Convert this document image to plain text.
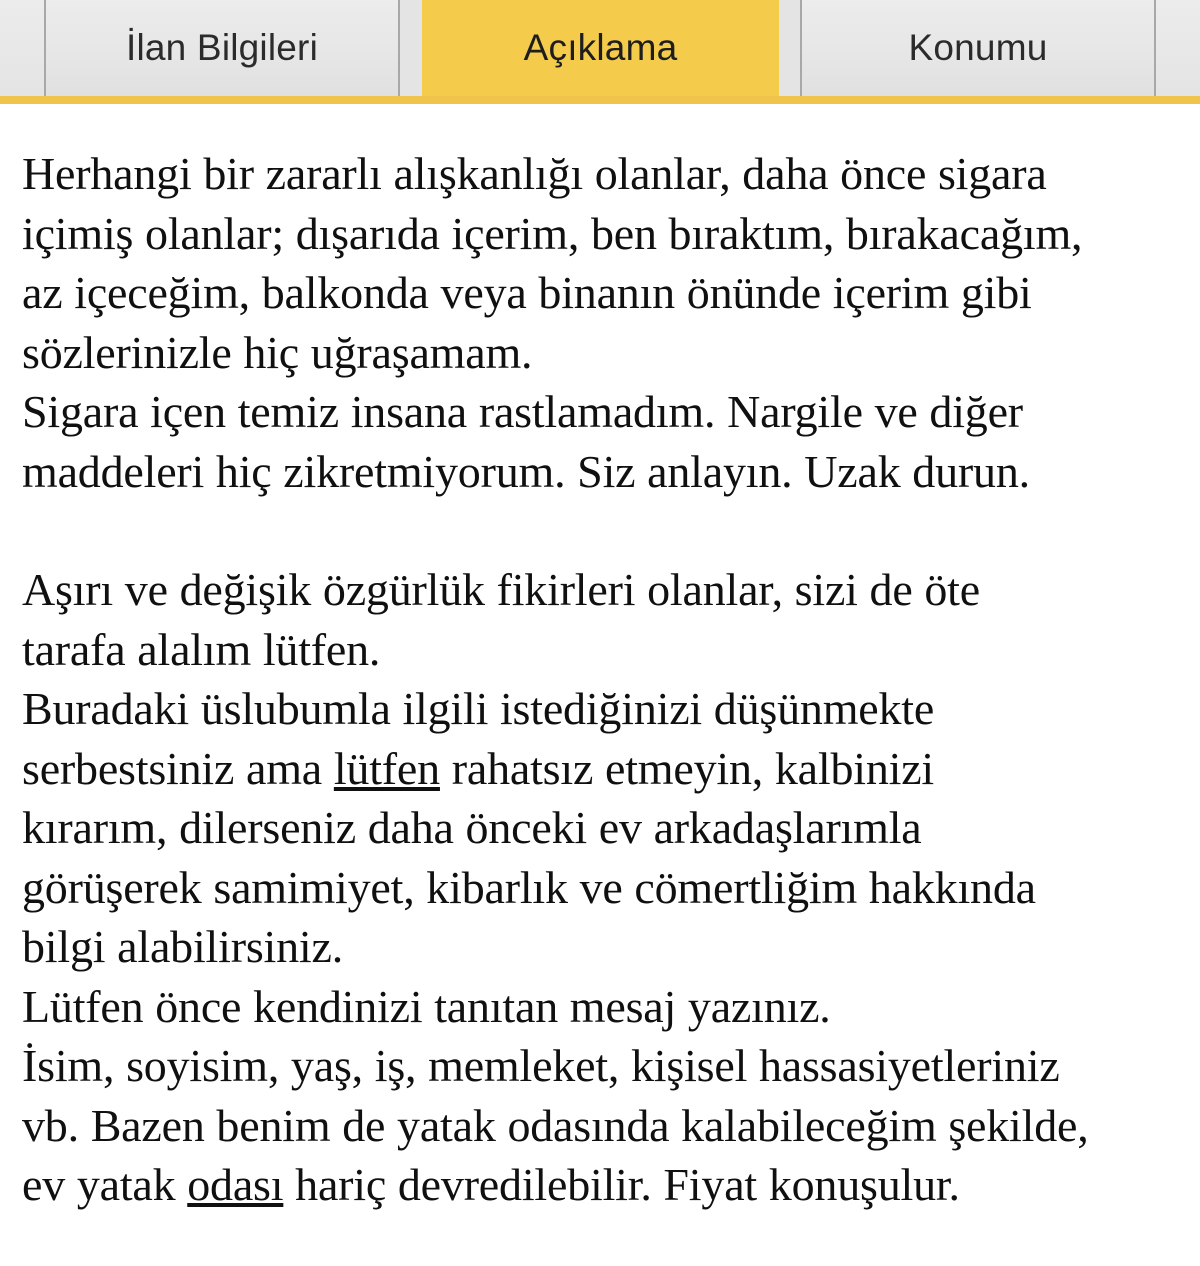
İlan Bilgileri	Açıklama	Konumu

Herhangi bir zararlı alışkanlığı olanlar, daha önce sigara
içimiş olanlar; dışarıda içerim, ben bıraktım, bırakacağım,
az içeceğim, balkonda veya binanın önünde içerim gibi
sözlerinizle hiç uğraşamam.
Sigara içen temiz insana rastlamadım. Nargile ve diğer
maddeleri hiç zikretmiyorum. Siz anlayın. Uzak durun.

Aşırı ve değişik özgürlük fikirleri olanlar, sizi de öte
tarafa alalım lütfen.
Buradaki üslubumla ilgili istediğinizi düşünmekte
serbestsiniz ama lütfen rahatsız etmeyin, kalbinizi
kırarım, dilerseniz daha önceki ev arkadaşlarımla
görüşerek samimiyet, kibarlık ve cömertliğim hakkında
bilgi alabilirsiniz.
Lütfen önce kendinizi tanıtan mesaj yazınız.
İsim, soyisim, yaş, iş, memleket, kişisel hassasiyetleriniz
vb. Bazen benim de yatak odasında kalabileceğim şekilde,
ev yatak odası hariç devredilebilir. Fiyat konuşulur.
